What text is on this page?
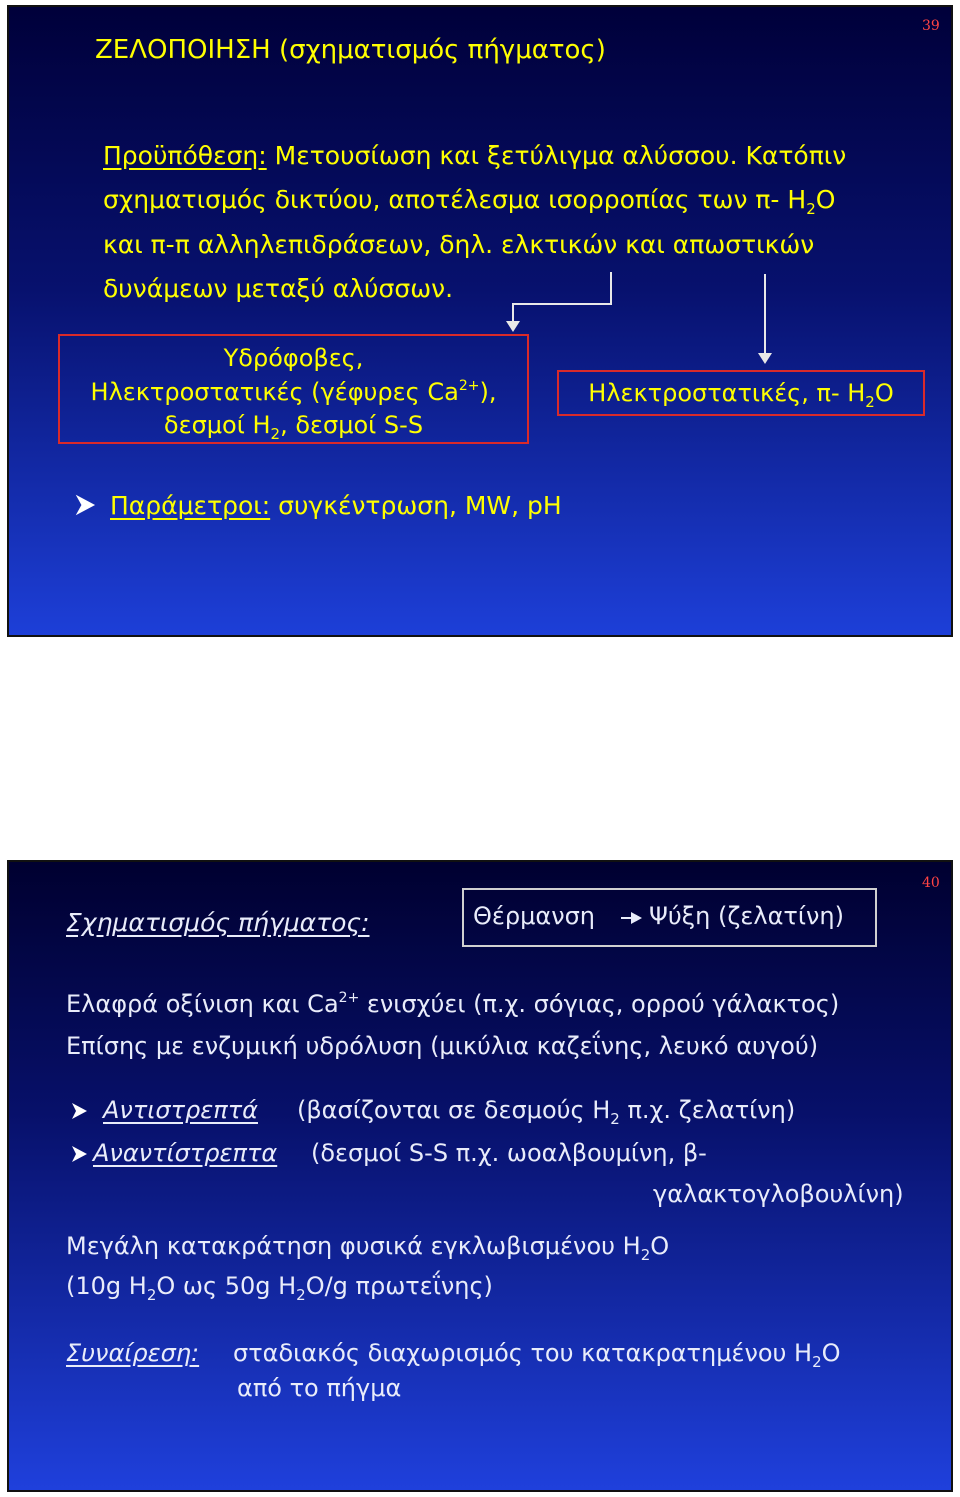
39
ΖΕΛΟΠΟΙΗΣΗ (σχηματισμός πήγματος)
Προϋπόθεση: Μετουσίωση και ξετύλιγμα αλύσσου. Κατόπιν
σχηματισμός δικτύου, αποτέλεσμα ισορροπίας των π- $H_2O$
και π-π αλληλεπιδράσεων, δηλ. ελκτικών και απωστικών
δυνάμεων μεταξύ αλύσσων.
Υδρόφοβες,
Ηλεκτροστατικές (γέφυρες $Ca^{2+}$),
δεσμοί $H_2$, δεσμοί S-S
Ηλεκτροστατικές, π- $H_2O$
Παράμετροι: συγκέντρωση, MW, pH
40
Σχηματισμός πήγματος:	Θέρμανση Ψύξη (ζελατίνη)
Ελαφρά οξίνιση και $Ca^{2+}$ ενισχύει (π.χ. σόγιας, ορρού γάλακτος)
Επίσης με ενζυμική υδρόλυση (μικύλια καζεΐνης, λευκό αυγού)
Αντιστρεπτά (βασίζονται σε δεσμούς $H_2$ π.χ. ζελατίνη)
Αναντίστρεπτα (δεσμοί S-S π.χ. ωοαλβουμίνη, β-
γαλακτογλοβουλίνη)
Μεγάλη κατακράτηση φυσικά εγκλωβισμένου $H_2O$
(10g $H_2O$ ως 50g $H_2O/g$ πρωτεΐνης)
Συναίρεση: σταδιακός διαχωρισμός του κατακρατημένου $H_2O$
από το πήγμα
